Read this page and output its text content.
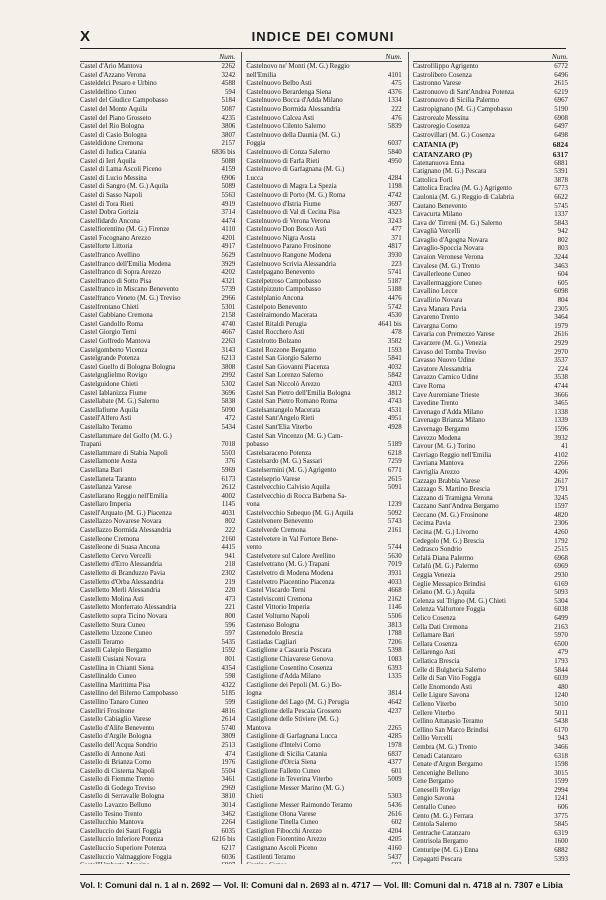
X	INDICE DEI COMUNI
Num.
Castel d'Ario Mantova	2262
Castel d'Azzano Verona	3242
Casteldelci Pesaro e Urbino	4588
Casteldelfino Cuneo	594
Castel del Giudice Campobasso	5184
Castel del Monte Aquila	5087
Castel del Piano Grosseto	4235
Castel del Rio Bologna	3806
Castel di Casio Bologna	3807
Casteldidone Cremona	2157
Castel di Iudica Catania	6836 bis
Castel di Ieri Aquila	5088
Castel di Lama Ascoli Piceno	4159
Castel di Lucio Messina	6906
Castel di Sangro (M. G.) Aquila	5089
Castel di Sasso Napoli	5563
Castel di Tora Rieti	4919
Castel Dobra Gorizia	3714
Castelfidardo Ancona	4474
Castelfiorentino (M. G.) Firenze	4110
Castel Focognano Arezzo	4201
Castelforte Littoria	4917
Castelfranco Avellino	5629
Castelfranco dell'Emilia Modena	3929
Castelfranco di Sopra Arezzo	4202
Castelfranco di Sotto Pisa	4321
Castelfranco in Miscano Benevento	5739
Castelfranco Veneto (M. G.) Treviso	2966
Castelfrentano Chieti	5301
Castel Gabbiano Cremona	2158
Castel Gandolfo Roma	4740
Castel Giorgio Terni	4667
Castel Goffredo Mantova	2263
Castelgomberto Vicenza	3143
Castelgrande Potenza	6213
Castel Guelfo di Bologna Bologna	3808
Castelguglielmo Rovigo	2992
Castelguidone Chieti	5302
Castel Iablanizza Fiume	3696
Castellabate (M. G.) Salerno	5838
Castellafiume Aquila	5090
Castell'Alfero Asti	472
Castellalto Teramo	5434
Castellammare del Golfo (M. G.)
Trapani	7018
Castellammare di Stabia Napoli	5503
Castellamonte Aosta	376
Castellana Bari	5969
Castellaneta Taranto	6173
Castellanza Varese	2612
Castellarano Reggio nell'Emilia	4002
Castellaro Imperia	1145
Castell'Arquato (M. G.) Piacenza	4031
Castellazzo Novarese Novara	802
Castellazzo Bormida Alessandria	222
Castelleone Cremona	2160
Castelleone di Suasa Ancona	4415
Castelletto Cervo Vercelli	941
Castelletto d'Erro Alessandria	218
Castelletto di Branduzzo Pavia	2302
Castelletto d'Orba Alessandria	219
Castelletto Merli Alessandria	220
Castelletto Molina Asti	473
Castelletto Monferrato Alessandria	221
Castelletto sopra Ticino Novara	800
Castelletto Stura Cuneo	596
Castelletto Uzzone Cuneo	597
Castelli Teramo	5435
Castelli Calepio Bergamo	1592
Castelli Cusiani Novara	801
Castellina in Chianti Siena	4354
Castellinaldo Cuneo	598
Castellina Marittima Pisa	4322
Castellino del Biferno Campobasso	5185
Castellino Tanaro Cuneo	599
Castelliri Frosinone	4816
Castello Cabiaglio Varese	2614
Castello d'Alife Benevento	5740
Castello d'Argile Bologna	3809
Castello dell'Acqua Sondrio	2513
Castello di Annone Asti	474
Castello di Brianza Como	1976
Castello di Cisterna Napoli	5504
Castello di Fiemme Trento	3461
Castello di Godego Treviso	2969
Castello di Serravalle Bologna	3810
Castello Lavazzo Belluno	3014
Castello Tesino Trento	3462
Castellucchio Mantova	2264
Castelluccio dei Sauri Foggia	6035
Castelluccio Inferiore Potenza	6216 bis
Castelluccio Superiore Potenza	6217
Castelluccio Valmaggiore Foggia	6036
Num.
Castelnovo ne' Monti (M. G.) Reggio
nell'Emilia	4101
Castelnuovo Belbo Asti	475
Castelnuovo Berardenga Siena	4376
Castelnuovo Bocca d'Adda Milano	1334
Castelnuovo Bormida Alessandria	222
Castelnuovo Calcea Asti	476
Castelnuovo Cilento Salerno	5839
Castelnuovo della Daunia (M. G.)
Foggia	6037
Castelnuovo di Conza Salerno	5840
Castelnuovo di Farfa Rieti	4950
Castelnuovo di Garfagnana (M. G.)
Lucca	4284
Castelnuovo di Magra La Spezia	1198
Castelnuovo di Porto (M. G.) Roma	4742
Castelnuovo d'Istria Fiume	3697
Castelnuovo di Val di Cecina Pisa	4323
Castelnuovo di Verona Verona	3243
Castelnuovo Don Bosco Asti	477
Castelnuovo Nigra Aosta	371
Castelnuovo Parano Frosinone	4817
Castelnuovo Rangone Modena	3930
Castelnuovo Scrivia Alessandria	223
Castelpagano Benevento	5741
Castelpetroso Campobasso	5187
Castelpizzuto Campobasso	5188
Castelplanio Ancona	4476
Castelpoto Benevento	5742
Castelraimondo Macerata	4530
Castel Ritaldi Perugia	4641 bis
Castel Rocchero Asti	478
Castelrotto Bolzano	3582
Castel Rozzone Bergamo	1593
Castel San Giorgio Salerno	5841
Castel San Giovanni Piacenza	4032
Castel San Lorenzo Salerno	5842
Castel San Niccolò Arezzo	4203
Castel San Pietro dell'Emilia Bologna	3812
Castel San Pietro Romano Roma	4743
Castelsantangelo Macerata	4531
Castel Sant'Angelo Rieti	4951
Castel Sant'Elia Viterbo	4928
Castel San Vincenzo (M. G.) Cam-
pobasso	5189
Castelsaraceno Potenza	6218
Castelsardo (M. G.) Sassari	7259
Castelsermini (M. G.) Agrigento	6771
Castelseprio Varese	2615
Castelvecchio Calvisio Aquila	5091
Castelvecchio di Rocca Barbena Sa-
vona	1239
Castelvecchio Subequo (M. G.) Aquila	5092
Castelvenere Benevento	5743
Castelverde Cremona	2161
Castelvetere in Val Fortore Bene-
vento	5744
Castelvetere sul Calore Avellino	5630
Castelvetrano (M. G.) Trapani	7019
Castelvetro di Modena Modena	3931
Castelvetro Piacentino Piacenza	4033
Castel Viscardo Terni	4668
Castelvisconti Cremona	2162
Castel Vittorio Imperia	1146
Castel Volturno Napoli	5506
Castenaso Bologna	3813
Castenedolo Brescia	1788
Castiadas Cagliari	7206
Castiglione a Casauria Pescara	5398
Castiglione Chiavarese Genova	1083
Castiglione Cosentino Cosenza	6393
Castiglione d'Adda Milano	1335
Castiglione dei Pepoli (M. G.) Bo-
logna	3814
Castiglione del Lago (M. G.) Perugia	4642
Castiglione della Pescaia Grosseto	4237
Castiglione delle Stiviere (M. G.)
Mantova	2265
Castiglione di Garfagnana Lucca	4285
Castiglione d'Intelvi Como	1978
Castiglione di Sicilia Catania	6837
Castiglione d'Orcia Siena	4377
Castiglione Falletto Cuneo	601
Castiglione in Teverina Viterbo	5009
Castiglione Messer Marino (M. G.)
Chieti	5303
Castiglione Messer Raimondo Teramo	5436
Castiglione Olona Varese	2616
Castiglione Tinella Cuneo	602
Castiglion Fibocchi Arezzo	4204
Castiglion Fiorentino Arezzo	4205
Castignano Ascoli Piceno	4160
Castilenti Teramo	5437
Num.
Castrofilippo Agrigento	6772
Castrolibero Cosenza	6496
Castronno Varese	2615
Castronuovo di Sant'Andrea Potenza	6219
Castronuovo di Sicilia Palermo	6967
Castropignano (M. G.) Campobasso	5190
Castroreale Messina	6908
Castroregio Cosenza	6497
Castrovillari (M. G.) Cosenza	6498
CATANIA (P)	6824
CATANZARO (P)	6317
Catenanuova Enna	6881
Catignano (M. G.) Pescara	5391
Cattolica Forlì	3878
Cattolica Eraclea (M. G.) Agrigento	6773
Caulonia (M. G.) Reggio di Calabria	6622
Cautano Benevento	5745
Cavacurta Milano	1337
Cava de' Tirreni (M. G.) Salerno	5843
Cavaglià Vercelli	942
Cavaglio d'Agogna Novara	802
Cavaglio-Spoccia Novara	803
Cavaion Veronese Verona	3244
Cavalese (M. G.) Trento	3463
Cavallerleone Cuneo	604
Cavallermaggiore Cuneo	605
Cavallino Lecce	6098
Cavallirio Novara	804
Cava Manara Pavia	2305
Cavareno Trento	3464
Cavargna Como	1979
Cavaria con Premezzo Varese	2616
Cavarzere (M. G.) Venezia	2929
Cavaso del Tomba Treviso	2970
Cavasso Nuovo Udine	3537
Cavatore Alessandria	224
Cavazzo Carnico Udine	3538
Cave Roma	4744
Cave Auremiane Trieste	3666
Cavedine Trento	3465
Cavenago d'Adda Milano	1338
Cavenago Brianza Milano	1339
Cavernago Bergamo	1596
Cavezzo Modena	3932
Cavour (M. G.) Torino	41
Cavriago Reggio nell'Emilia	4102
Cavriana Mantova	2266
Cavriglia Arezzo	4206
Cazzago Brabbia Varese	2617
Cazzago S. Martino Brescia	1791
Cazzano di Tramigna Verona	3245
Cazzano Sant'Andrea Bergamo	1597
Ceccano (M. G.) Frosinone	4820
Cecima Pavia	2306
Cecina (M. G.) Livorno	4260
Cedegolo (M. G.) Brescia	1792
Cedrasco Sondrio	2515
Cefalà Diana Palermo	6968
Cefalù (M. G.) Palermo	6969
Ceggia Venezia	2930
Ceglie Messapico Brindisi	6169
Celano (M. G.) Aquila	5093
Celenza sul Trigno (M. G.) Chieti	5304
Celenza Valfortore Foggia	6038
Celico Cosenza	6499
Cella Dati Cremona	2163
Cellamare Bari	5970
Cellara Cosenza	6500
Cellarengo Asti	479
Cellatica Brescia	1793
Celle di Bulgheria Salerno	5844
Celle di San Vito Foggia	6039
Celle Enomondo Asti	480
Celle Ligure Savona	1240
Celleno Viterbo	5010
Cellere Viterbo	5011
Cellino Attanasio Teramo	5438
Cellino San Marco Brindisi	6170
Cellio Vercelli	943
Cembra (M. G.) Trento	3466
Cenadi Catanzaro	6318
Cenate d'Argon Bergamo	1598
Cencenighe Belluno	3015
Cene Bergamo	1599
Ceneselli Rovigo	2994
Cengio Savona	1241
Centallo Cuneo	606
Cento (M. G.) Ferrara	3775
Centola Salerno	5845
Centrache Catanzaro	6319
Centrisola Bergamo	1600
Centuripe (M. G.) Enna	6882
Cepagatti Pescara	5393
Vol. I: Comuni dal n. 1 al n. 2692 — Vol. II: Comuni dal n. 2693 al n. 4717 — Vol. III: Comuni dal n. 4718 al n. 7307 e Libia
